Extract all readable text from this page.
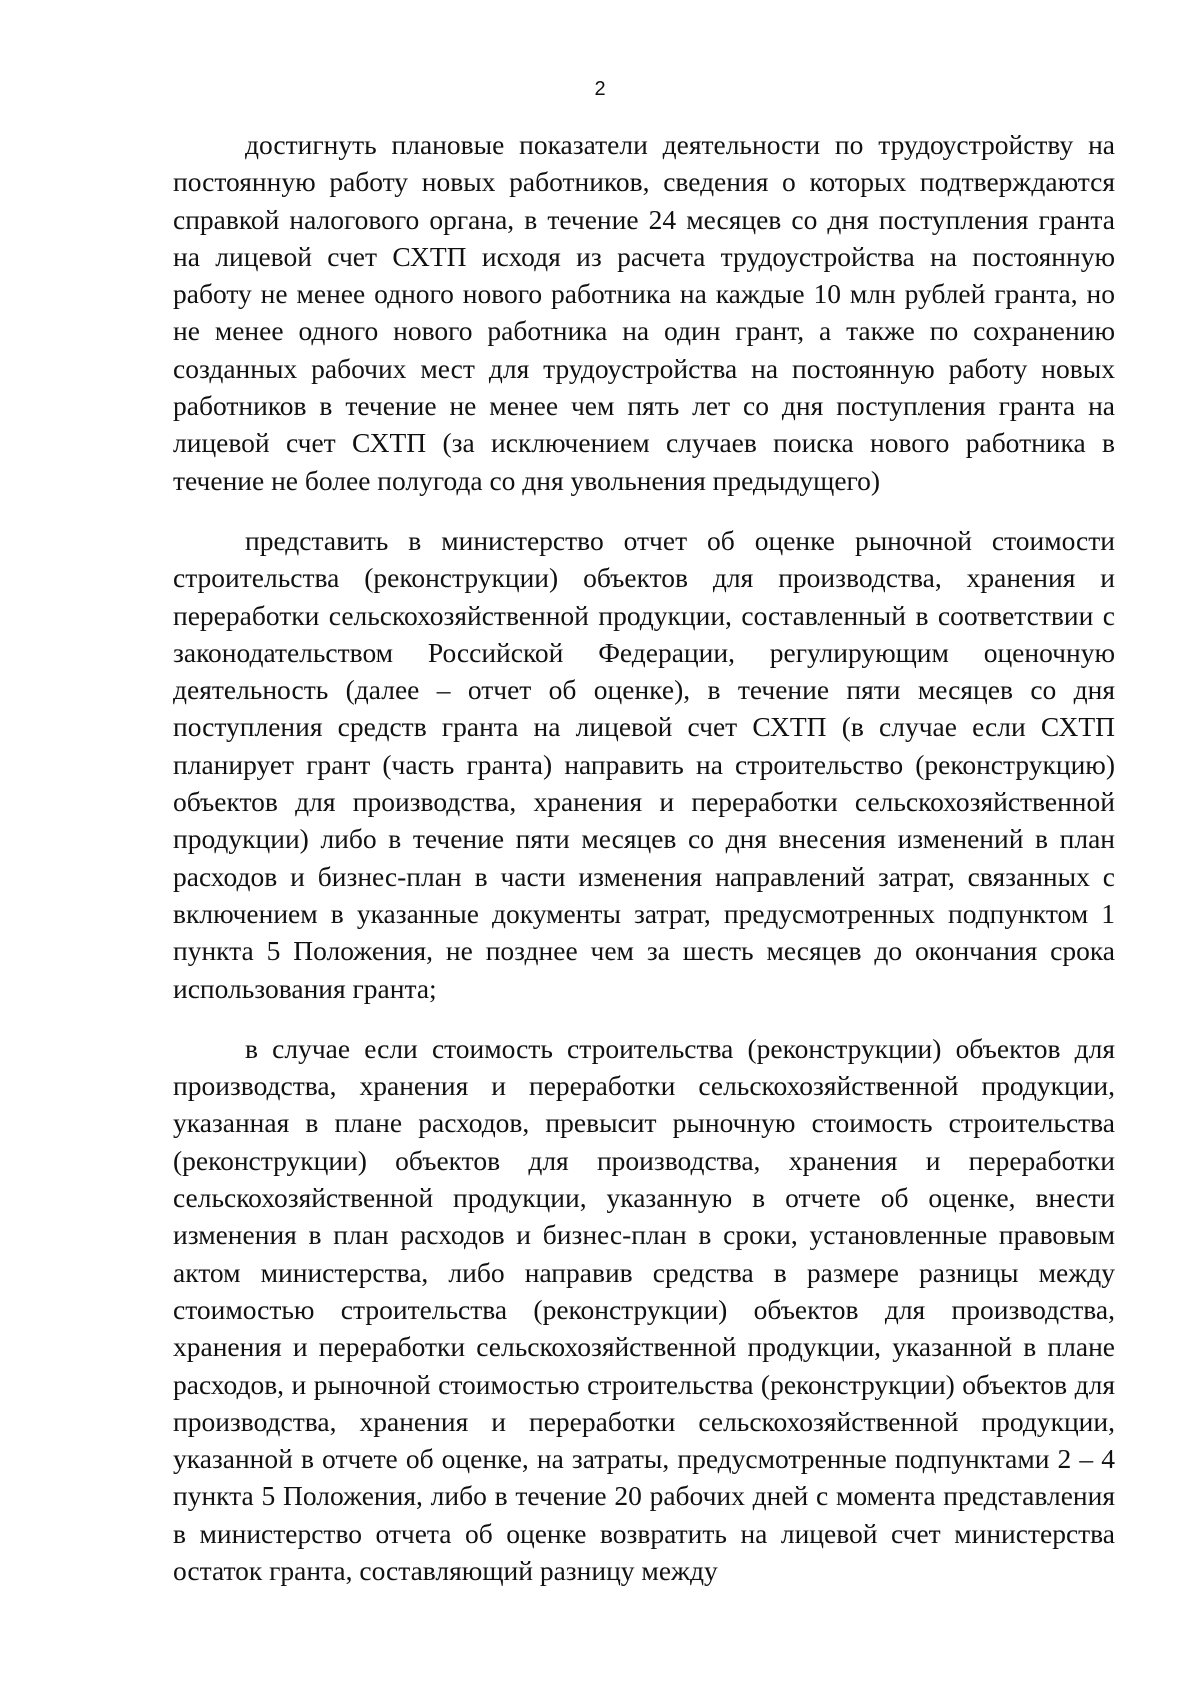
2

достигнуть плановые показатели деятельности по трудоустройству на постоянную работу новых работников, сведения о которых подтверждаются справкой налогового органа, в течение 24 месяцев со дня поступления гранта на лицевой счет СХТП исходя из расчета трудоустройства на постоянную работу не менее одного нового работника на каждые 10 млн рублей гранта, но не менее одного нового работника на один грант, а также по сохранению созданных рабочих мест для трудоустройства на постоянную работу новых работников в течение не менее чем пять лет со дня поступления гранта на лицевой счет СХТП (за исключением случаев поиска нового работника в течение не более полугода со дня увольнения предыдущего)

представить в министерство отчет об оценке рыночной стоимости строительства (реконструкции) объектов для производства, хранения и переработки сельскохозяйственной продукции, составленный в соответствии с законодательством Российской Федерации, регулирующим оценочную деятельность (далее – отчет об оценке), в течение пяти месяцев со дня поступления средств гранта на лицевой счет СХТП (в случае если СХТП планирует грант (часть гранта) направить на строительство (реконструкцию) объектов для производства, хранения и переработки сельскохозяйственной продукции) либо в течение пяти месяцев со дня внесения изменений в план расходов и бизнес-план в части изменения направлений затрат, связанных с включением в указанные документы затрат, предусмотренных подпунктом 1 пункта 5 Положения, не позднее чем за шесть месяцев до окончания срока использования гранта;

в случае если стоимость строительства (реконструкции) объектов для производства, хранения и переработки сельскохозяйственной продукции, указанная в плане расходов, превысит рыночную стоимость строительства (реконструкции) объектов для производства, хранения и переработки сельскохозяйственной продукции, указанную в отчете об оценке, внести изменения в план расходов и бизнес-план в сроки, установленные правовым актом министерства, либо направив средства в размере разницы между стоимостью строительства (реконструкции) объектов для производства, хранения и переработки сельскохозяйственной продукции, указанной в плане расходов, и рыночной стоимостью строительства (реконструкции) объектов для производства, хранения и переработки сельскохозяйственной продукции, указанной в отчете об оценке, на затраты, предусмотренные подпунктами 2 – 4 пункта 5 Положения, либо в течение 20 рабочих дней с момента представления в министерство отчета об оценке возвратить на лицевой счет министерства остаток гранта, составляющий разницу между
